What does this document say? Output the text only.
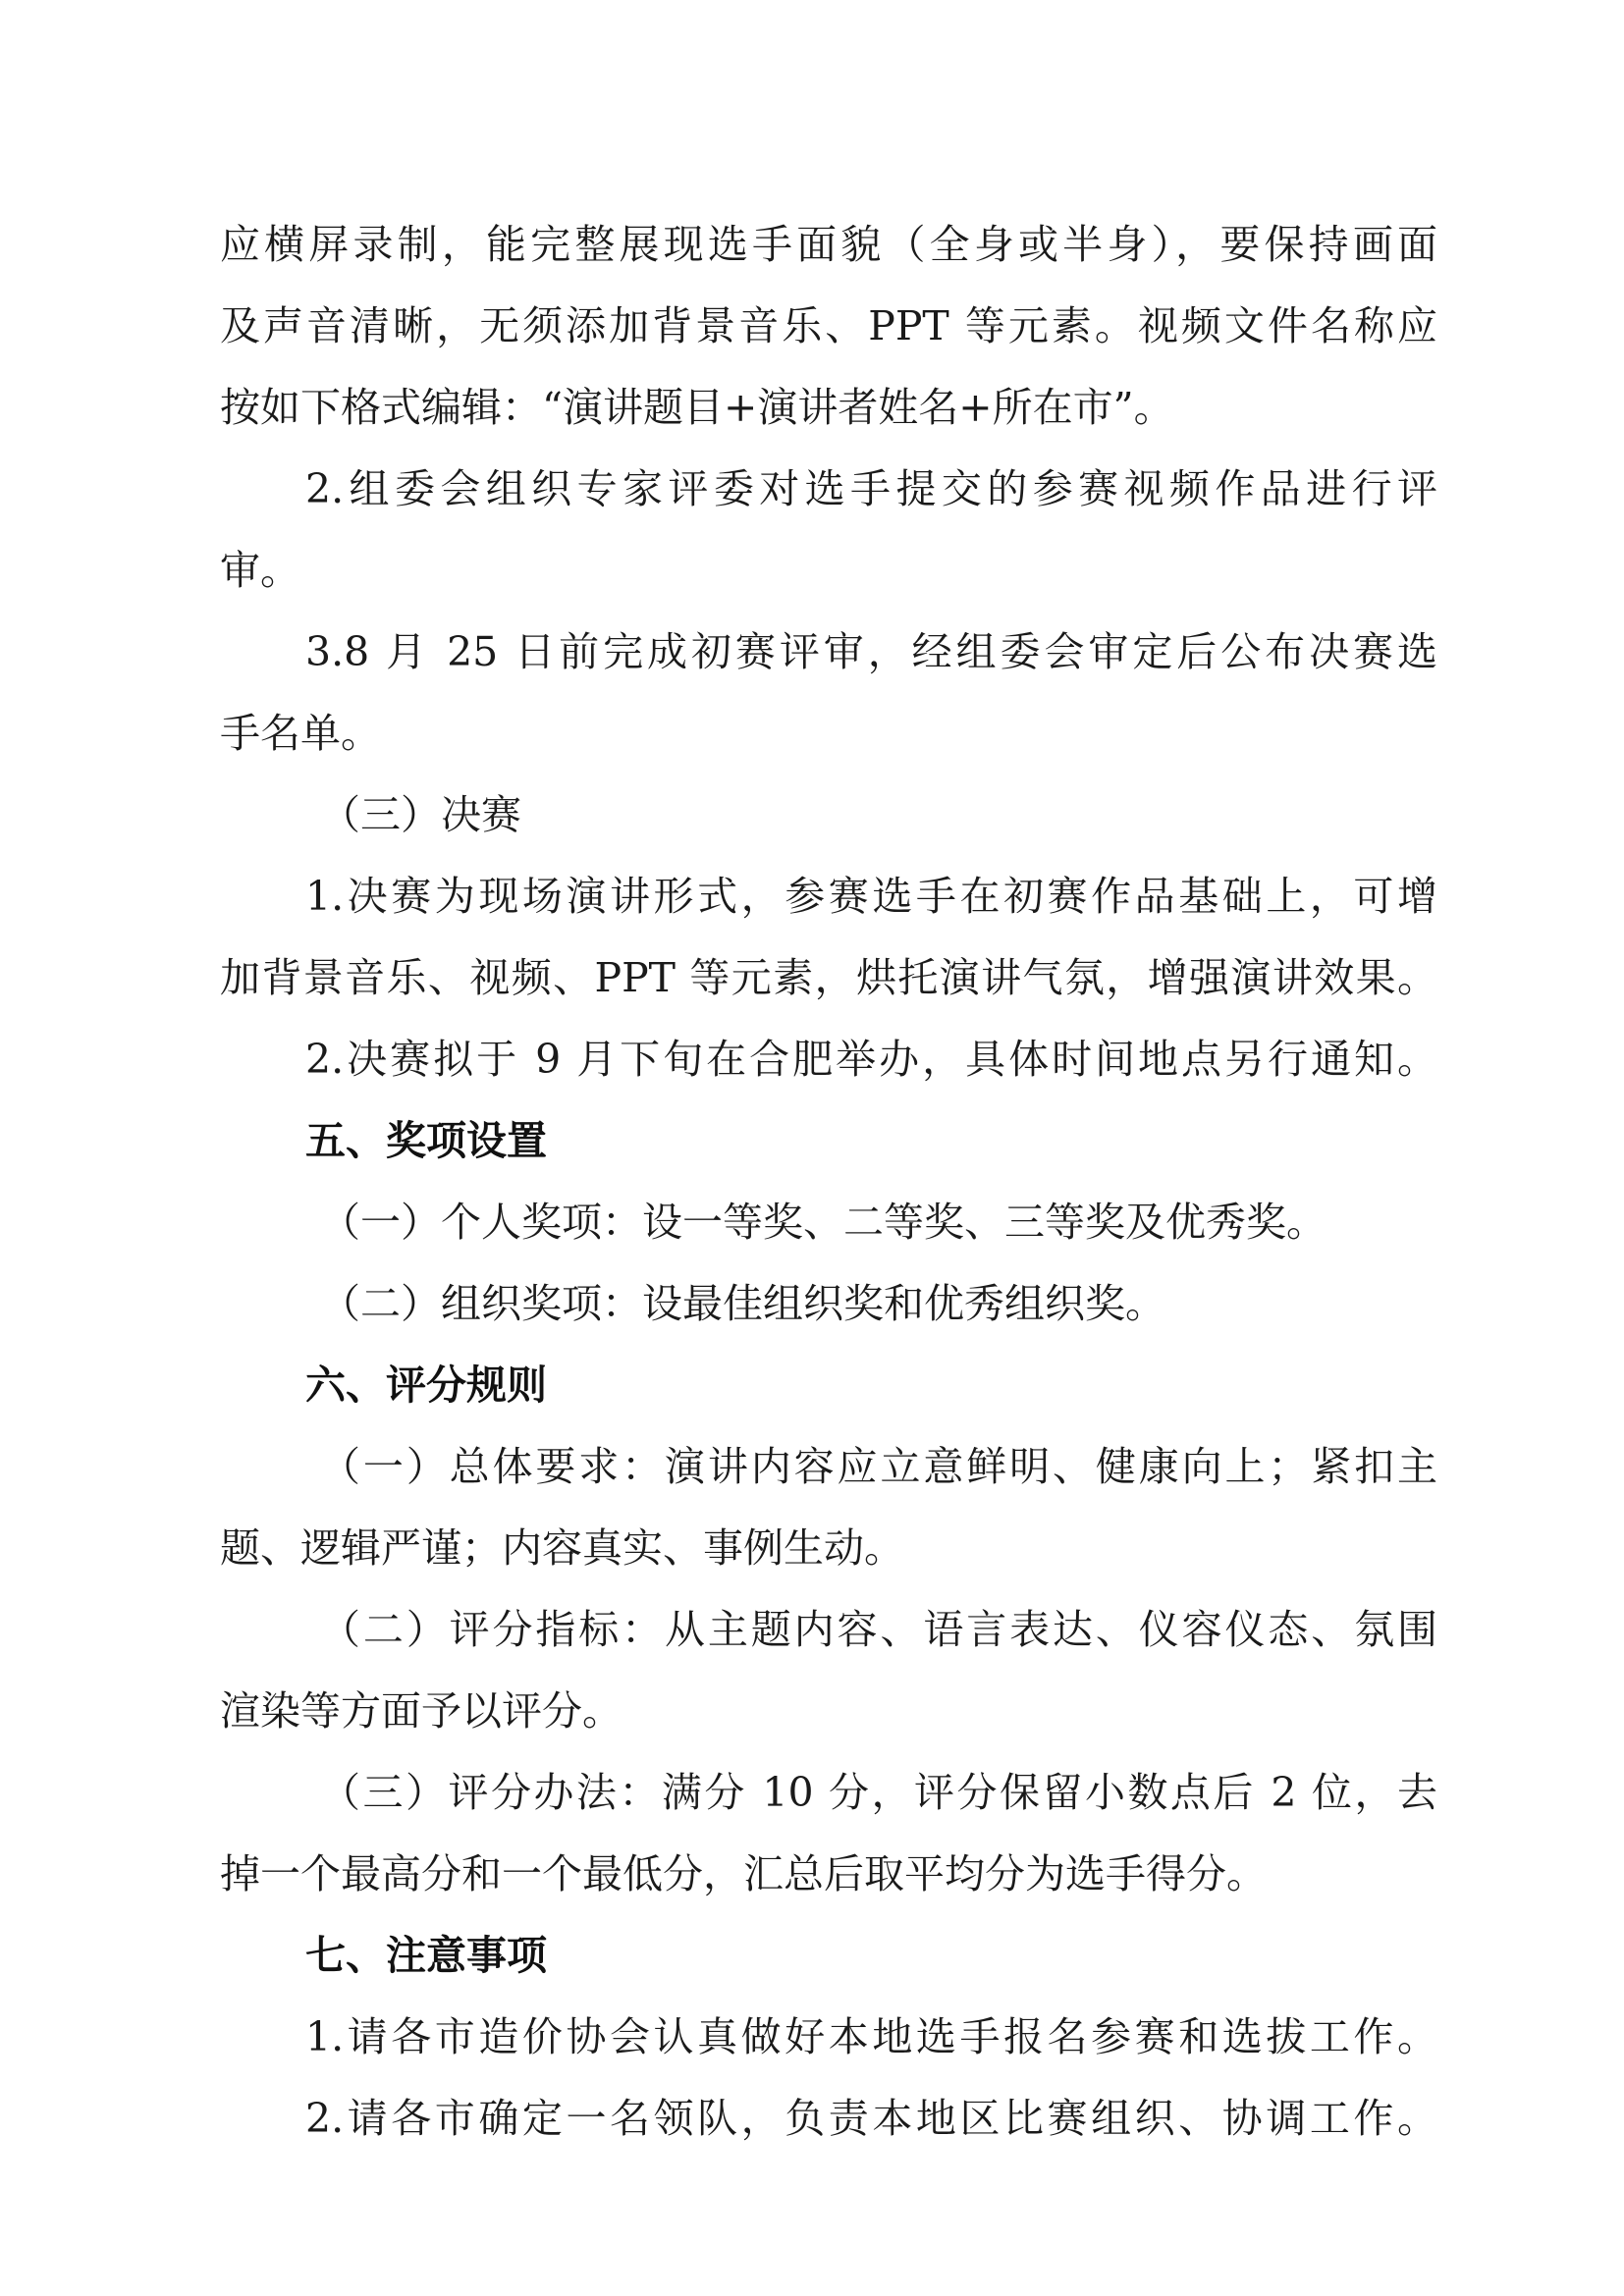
应横屏录制，能完整展现选手面貌（全身或半身），要保持画面
及声音清晰，无须添加背景音乐、PPT 等元素。视频文件名称应
按如下格式编辑：“演讲题目+演讲者姓名+所在市”。
2.组委会组织专家评委对选手提交的参赛视频作品进行评
审。
3.8 月 25 日前完成初赛评审，经组委会审定后公布决赛选
手名单。
（三）决赛
1.决赛为现场演讲形式，参赛选手在初赛作品基础上，可增
加背景音乐、视频、PPT 等元素，烘托演讲气氛，增强演讲效果。
2.决赛拟于 9 月下旬在合肥举办，具体时间地点另行通知。
五、奖项设置
（一）个人奖项：设一等奖、二等奖、三等奖及优秀奖。
（二）组织奖项：设最佳组织奖和优秀组织奖。
六、评分规则
（一）总体要求：演讲内容应立意鲜明、健康向上；紧扣主
题、逻辑严谨；内容真实、事例生动。
（二）评分指标：从主题内容、语言表达、仪容仪态、氛围
渲染等方面予以评分。
（三）评分办法：满分 10 分，评分保留小数点后 2 位，去
掉一个最高分和一个最低分，汇总后取平均分为选手得分。
七、注意事项
1.请各市造价协会认真做好本地选手报名参赛和选拔工作。
2.请各市确定一名领队，负责本地区比赛组织、协调工作。
